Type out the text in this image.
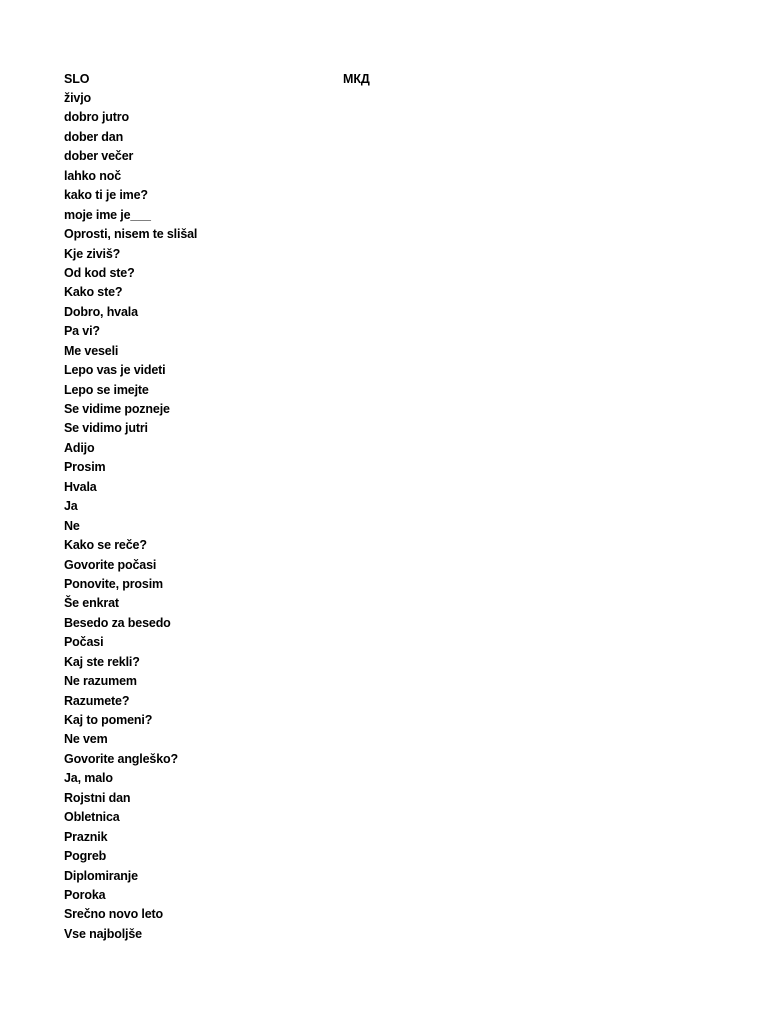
SLO	МКД
živjo
dobro jutro
dober dan
dober večer
lahko noč
kako ti je ime?
moje ime je___
Oprosti, nisem te slišal
Kje ziviš?
Od kod ste?
Kako ste?
Dobro, hvala
Pa vi?
Me veseli
Lepo vas je videti
Lepo se imejte
Se vidime pozneje
Se vidimo jutri
Adijo
Prosim
Hvala
Ja
Ne
Kako se reče?
Govorite počasi
Ponovite, prosim
Še enkrat
Besedo za besedo
Počasi
Kaj ste rekli?
Ne razumem
Razumete?
Kaj to pomeni?
Ne vem
Govorite angleško?
Ja, malo
Rojstni dan
Obletnica
Praznik
Pogreb
Diplomiranje
Poroka
Srečno novo leto
Vse najboljše
